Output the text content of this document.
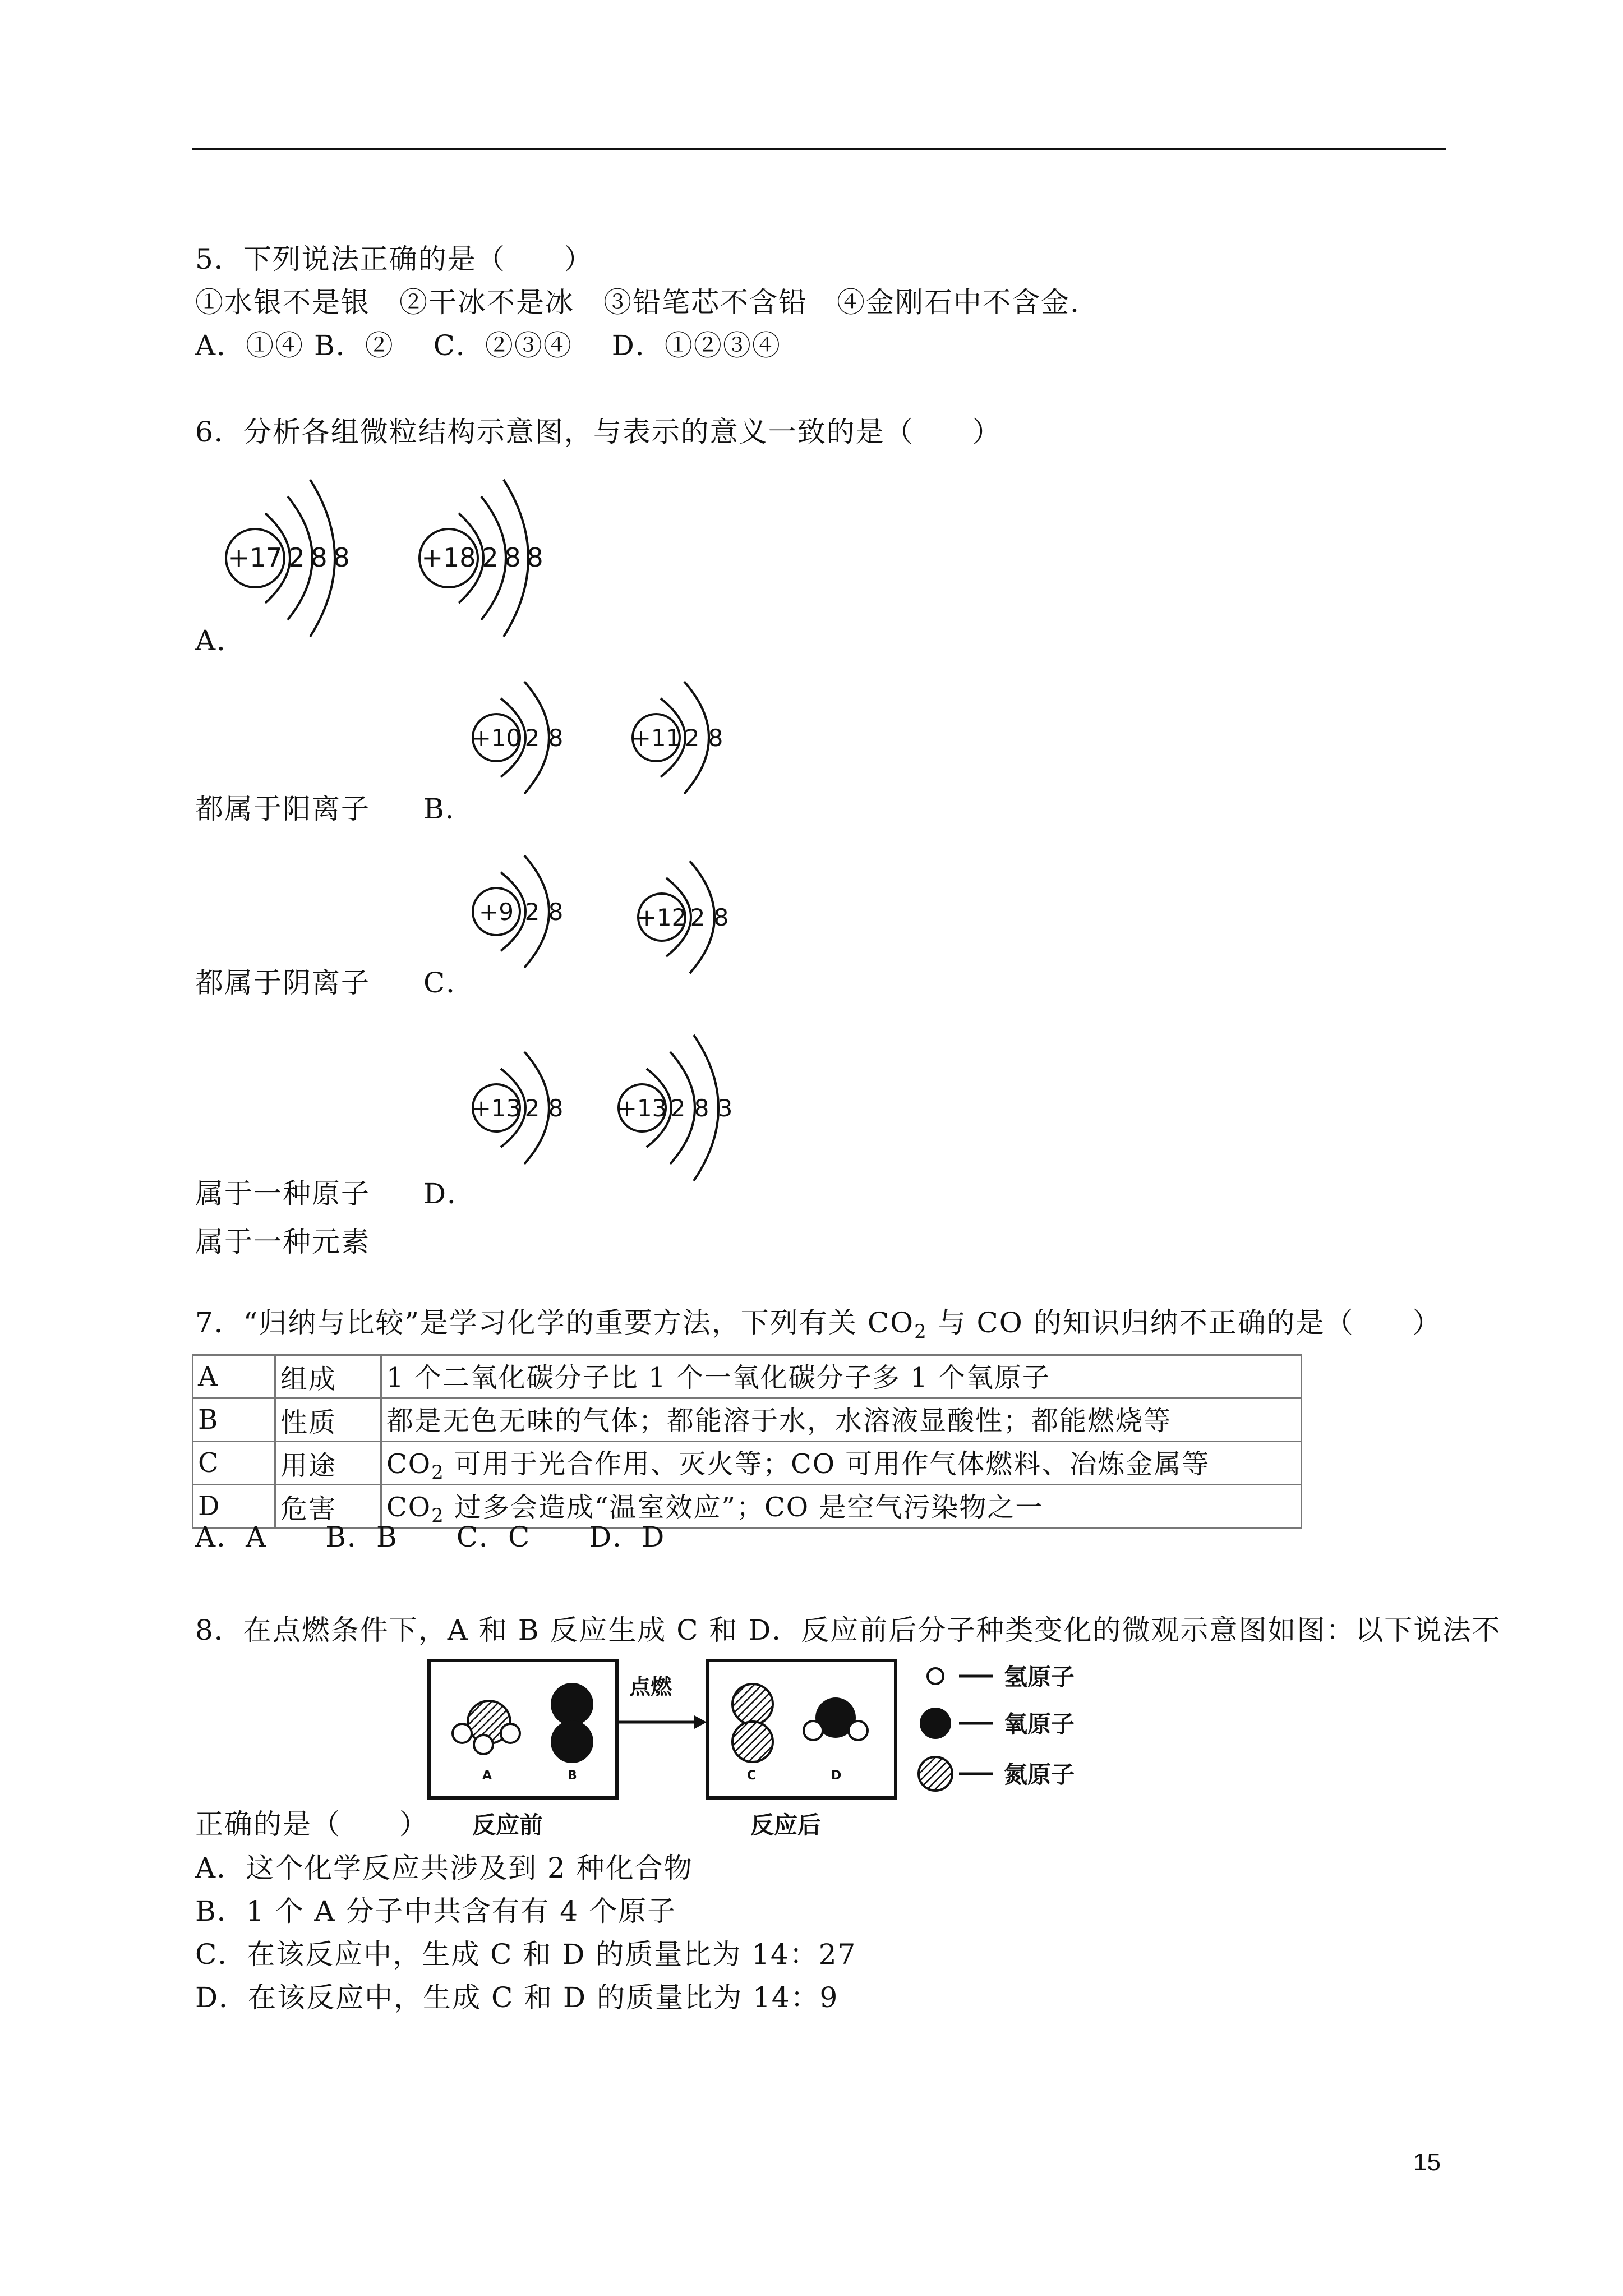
5．下列说法正确的是（　　）
①水银不是银　②干冰不是冰　③铅笔芯不含铅　④金刚石中不含金.
A．①④ B．②　 C．②③④　 D．①②③④
6．分析各组微粒结构示意图，与表示的意义一致的是（　　）
+17 2 8 8	+18 2 8 8
A．
+10 2 8	+11 2 8
都属于阳离子 B．
+9 2 8	+12 2 8
都属于阴离子 C．
+13 2 8 +13 2 8 3
属于一种原子 D．
属于一种元素
7．“归纳与比较”是学习化学的重要方法，下列有关 $CO_2$ 与 CO 的知识归纳不正确的是（　　）
A	组成	1 个二氧化碳分子比 1 个一氧化碳分子多 1 个氧原子
B	性质	都是无色无味的气体；都能溶于水，水溶液显酸性；都能燃烧等
C	用途	$CO_2$ 可用于光合作用、灭火等；CO 可用作气体燃料、冶炼金属等
D	危害	$CO_2$ 过多会造成“温室效应”；CO 是空气污染物之一
A．A　　B．B　　C．C　　D．D
8．在点燃条件下，A 和 B 反应生成 C 和 D．反应前后分子种类变化的微观示意图如图：以下说法不
A	B
反应前
点燃
C	D
反应后
氢原子
氧原子
氮原子
正确的是（　　）
A．这个化学反应共涉及到 2 种化合物
B．1 个 A 分子中共含有有 4 个原子
C．在该反应中，生成 C 和 D 的质量比为 14：27
D．在该反应中，生成 C 和 D 的质量比为 14：9
15
